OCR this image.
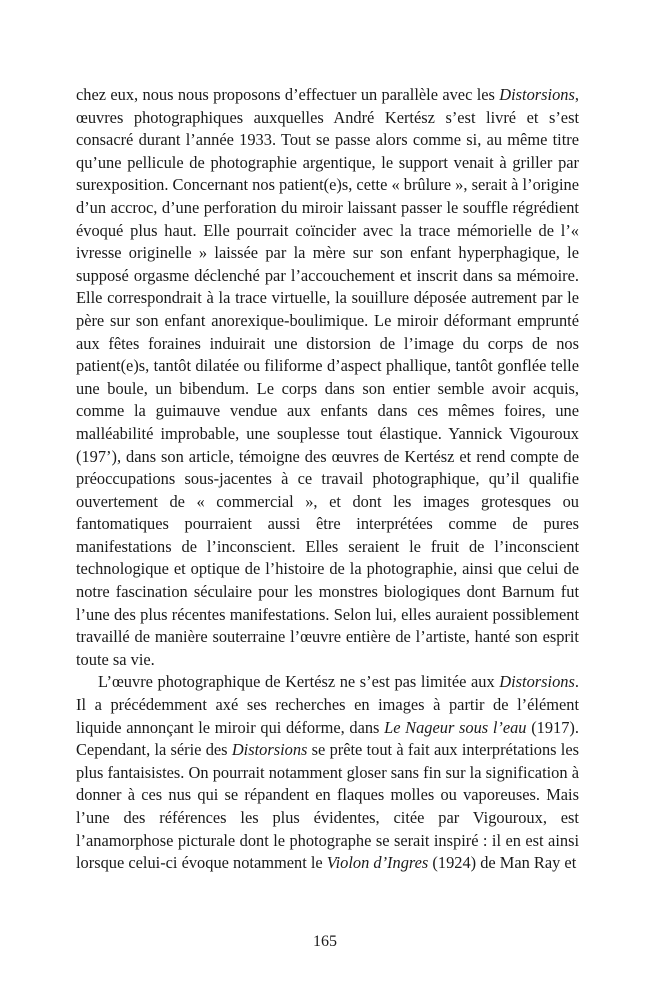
chez eux, nous nous proposons d’effectuer un parallèle avec les Distorsions, œuvres photographiques auxquelles André Kertész s’est livré et s’est consacré durant l’année 1933. Tout se passe alors comme si, au même titre qu’une pellicule de photographie argentique, le support venait à griller par surexposition. Concernant nos patient(e)s, cette « brûlure », serait à l’origine d’un accroc, d’une perforation du miroir laissant passer le souffle régrédient évoqué plus haut. Elle pourrait coïncider avec la trace mémorielle de l’« ivresse originelle » laissée par la mère sur son enfant hyperphagique, le supposé orgasme déclenché par l’accouchement et inscrit dans sa mémoire. Elle correspondrait à la trace virtuelle, la souillure déposée autrement par le père sur son enfant anorexique-boulimique. Le miroir déformant emprunté aux fêtes foraines induirait une distorsion de l’image du corps de nos patient(e)s, tantôt dilatée ou filiforme d’aspect phallique, tantôt gonflée telle une boule, un bibendum. Le corps dans son entier semble avoir acquis, comme la guimauve vendue aux enfants dans ces mêmes foires, une malléabilité improbable, une souplesse tout élastique. Yannick Vigouroux (197’), dans son article, témoigne des œuvres de Kertész et rend compte de préoccupations sous-jacentes à ce travail photographique, qu’il qualifie ouvertement de « commercial », et dont les images grotesques ou fantomatiques pourraient aussi être interprétées comme de pures manifestations de l’inconscient. Elles seraient le fruit de l’inconscient technologique et optique de l’histoire de la photographie, ainsi que celui de notre fascination séculaire pour les monstres biologiques dont Barnum fut l’une des plus récentes manifestations. Selon lui, elles auraient possiblement travaillé de manière souterraine l’œuvre entière de l’artiste, hanté son esprit toute sa vie.

L’œuvre photographique de Kertész ne s’est pas limitée aux Distorsions. Il a précédemment axé ses recherches en images à partir de l’élément liquide annonçant le miroir qui déforme, dans Le Nageur sous l’eau (1917). Cependant, la série des Distorsions se prête tout à fait aux interprétations les plus fantaisistes. On pourrait notamment gloser sans fin sur la signification à donner à ces nus qui se répandent en flaques molles ou vaporeuses. Mais l’une des références les plus évidentes, citée par Vigouroux, est l’anamorphose picturale dont le photographe se serait inspiré : il en est ainsi lorsque celui-ci évoque notamment le Violon d’Ingres (1924) de Man Ray et

165
